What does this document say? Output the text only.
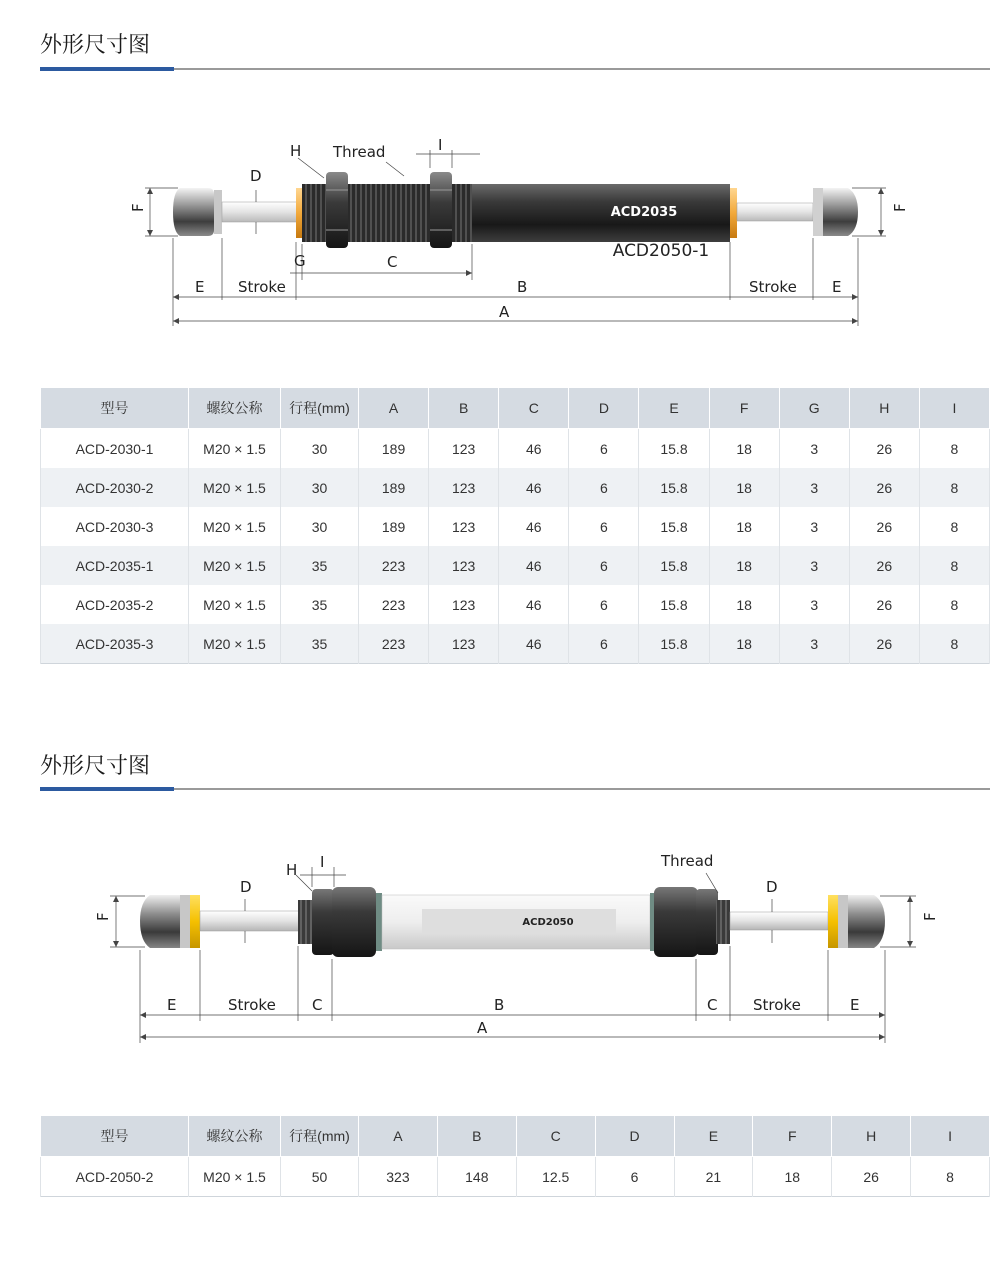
外形尺寸图
ACD2035
ACD2050-1
H Thread	I
D
F	F
G	C
E Stroke	B	Stroke E
A
型号	螺纹公称	行程(mm)	A	B	C	D	E	F	G	H	I
ACD-2030-1	M20 × 1.5	30	189	123	46	6	15.8	18	3	26	8
ACD-2030-2	M20 × 1.5	30	189	123	46	6	15.8	18	3	26	8
ACD-2030-3	M20 × 1.5	30	189	123	46	6	15.8	18	3	26	8
ACD-2035-1	M20 × 1.5	35	223	123	46	6	15.8	18	3	26	8
ACD-2035-2	M20 × 1.5	35	223	123	46	6	15.8	18	3	26	8
ACD-2035-3	M20 × 1.5	35	223	123	46	6	15.8	18	3	26	8
外形尺寸图
ACD2050
H I	Thread
D	D
F	F
E	Stroke C	B	C Stroke	E
A
型号	螺纹公称	行程(mm)	A	B	C	D	E	F	H	I
ACD-2050-2	M20 × 1.5	50	323	148	12.5	6	21	18	26	8
